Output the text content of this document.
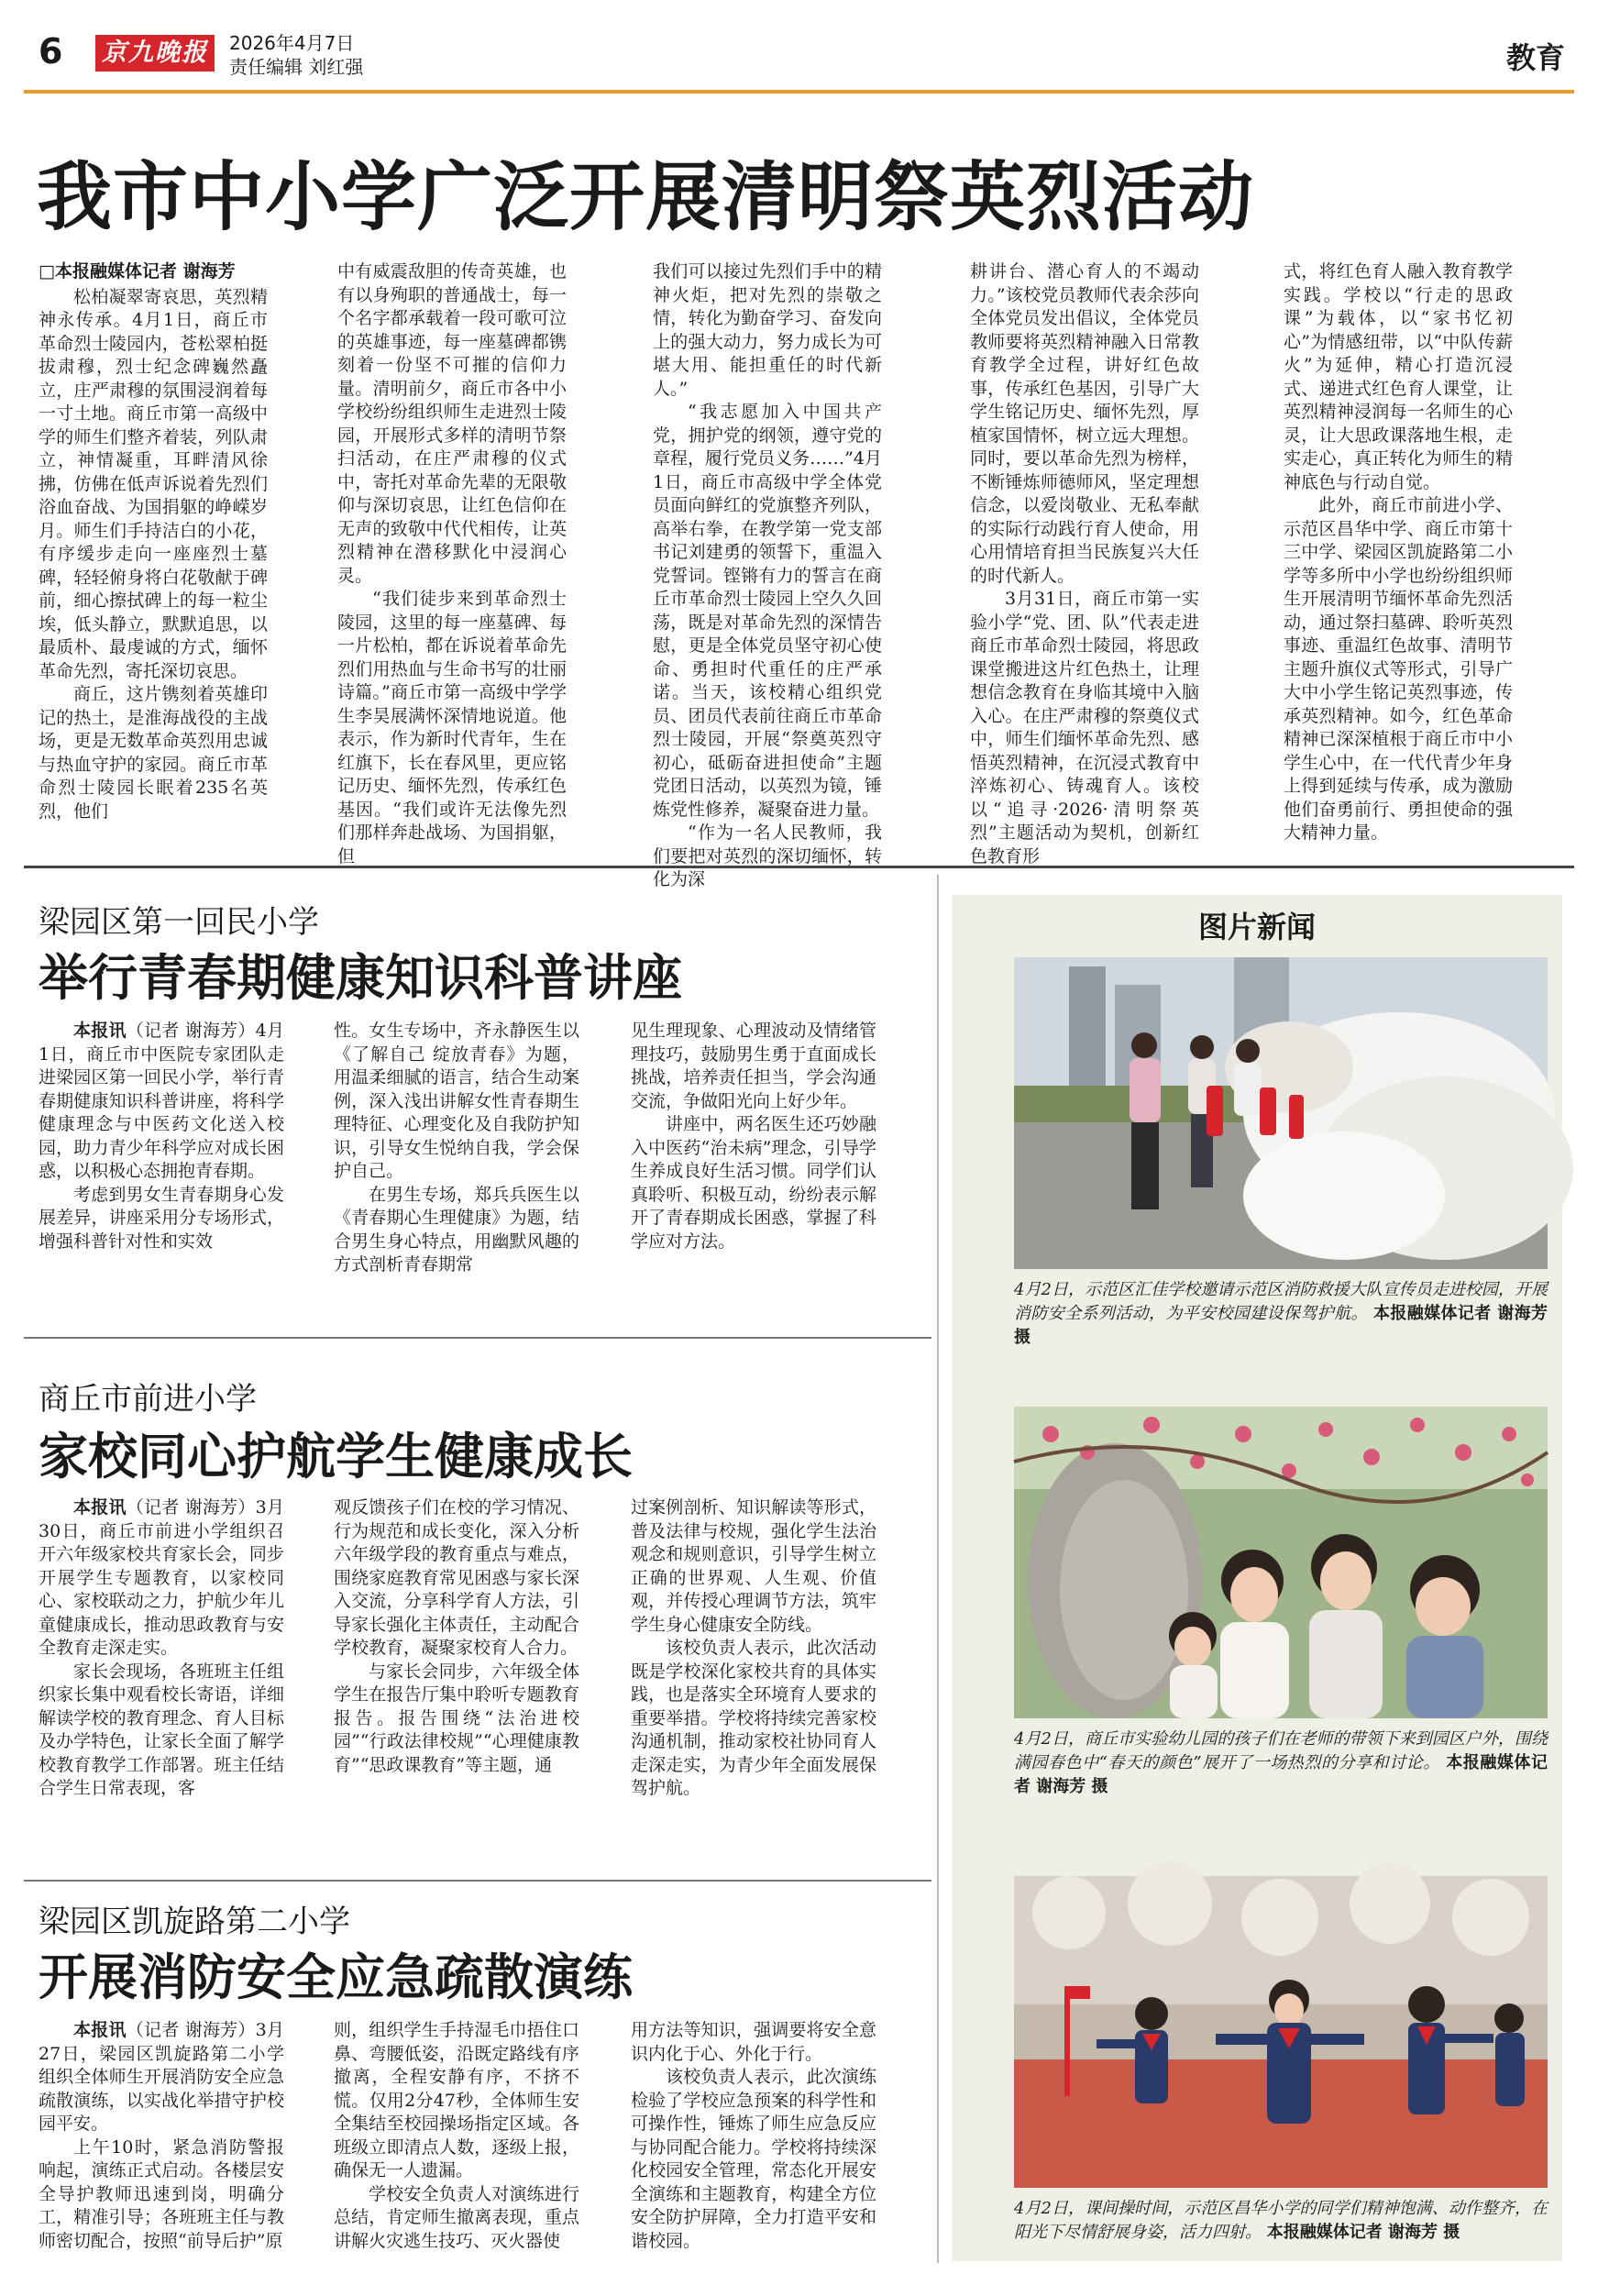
6 京九晚报	2026年4月7日
责任编辑 刘红强	教育
我市中小学广泛开展清明祭英烈活动
□本报融媒体记者 谢海芳

松柏凝翠寄哀思，英烈精神永传承。4月1日，商丘市革命烈士陵园内，苍松翠柏挺拔肃穆，烈士纪念碑巍然矗立，庄严肃穆的氛围浸润着每一寸土地。商丘市第一高级中学的师生们整齐着装，列队肃立，神情凝重，耳畔清风徐拂，仿佛在低声诉说着先烈们浴血奋战、为国捐躯的峥嵘岁月。师生们手持洁白的小花，有序缓步走向一座座烈士墓碑，轻轻俯身将白花敬献于碑前，细心擦拭碑上的每一粒尘埃，低头静立，默默追思，以最质朴、最虔诚的方式，缅怀革命先烈，寄托深切哀思。

商丘，这片镌刻着英雄印记的热土，是淮海战役的主战场，更是无数革命英烈用忠诚与热血守护的家园。商丘市革命烈士陵园长眠着235名英烈，他们

中有威震敌胆的传奇英雄，也有以身殉职的普通战士，每一个名字都承载着一段可歌可泣的英雄事迹，每一座墓碑都镌刻着一份坚不可摧的信仰力量。清明前夕，商丘市各中小学校纷纷组织师生走进烈士陵园，开展形式多样的清明节祭扫活动，在庄严肃穆的仪式中，寄托对革命先辈的无限敬仰与深切哀思，让红色信仰在无声的致敬中代代相传，让英烈精神在潜移默化中浸润心灵。

“我们徒步来到革命烈士陵园，这里的每一座墓碑、每一片松柏，都在诉说着革命先烈们用热血与生命书写的壮丽诗篇。”商丘市第一高级中学学生李昊展满怀深情地说道。他表示，作为新时代青年，生在红旗下，长在春风里，更应铭记历史、缅怀先烈，传承红色基因。“我们或许无法像先烈们那样奔赴战场、为国捐躯，但

我们可以接过先烈们手中的精神火炬，把对先烈的崇敬之情，转化为勤奋学习、奋发向上的强大动力，努力成长为可堪大用、能担重任的时代新人。”

“我志愿加入中国共产党，拥护党的纲领，遵守党的章程，履行党员义务……”4月1日，商丘市高级中学全体党员面向鲜红的党旗整齐列队，高举右拳，在教学第一党支部书记刘建勇的领誓下，重温入党誓词。铿锵有力的誓言在商丘市革命烈士陵园上空久久回荡，既是对革命先烈的深情告慰，更是全体党员坚守初心使命、勇担时代重任的庄严承诺。当天，该校精心组织党员、团员代表前往商丘市革命烈士陵园，开展“祭奠英烈守初心，砥砺奋进担使命”主题党团日活动，以英烈为镜，锤炼党性修养，凝聚奋进力量。

“作为一名人民教师，我们要把对英烈的深切缅怀，转化为深

耕讲台、潜心育人的不竭动力。”该校党员教师代表余莎向全体党员发出倡议，全体党员教师要将英烈精神融入日常教育教学全过程，讲好红色故事，传承红色基因，引导广大学生铭记历史、缅怀先烈，厚植家国情怀，树立远大理想。同时，要以革命先烈为榜样，不断锤炼师德师风，坚定理想信念，以爱岗敬业、无私奉献的实际行动践行育人使命，用心用情培育担当民族复兴大任的时代新人。

3月31日，商丘市第一实验小学“党、团、队”代表走进商丘市革命烈士陵园，将思政课堂搬进这片红色热土，让理想信念教育在身临其境中入脑入心。在庄严肃穆的祭奠仪式中，师生们缅怀革命先烈、感悟英烈精神，在沉浸式教育中淬炼初心、铸魂育人。该校以“追寻·2026·清明祭英烈”主题活动为契机，创新红色教育形

式，将红色育人融入教育教学实践。学校以“行走的思政课”为载体，以“家书忆初心”为情感纽带，以“中队传薪火”为延伸，精心打造沉浸式、递进式红色育人课堂，让英烈精神浸润每一名师生的心灵，让大思政课落地生根，走实走心，真正转化为师生的精神底色与行动自觉。

此外，商丘市前进小学、示范区昌华中学、商丘市第十三中学、梁园区凯旋路第二小学等多所中小学也纷纷组织师生开展清明节缅怀革命先烈活动，通过祭扫墓碑、聆听英烈事迹、重温红色故事、清明节主题升旗仪式等形式，引导广大中小学生铭记英烈事迹，传承英烈精神。如今，红色革命精神已深深植根于商丘市中小学生心中，在一代代青少年身上得到延续与传承，成为激励他们奋勇前行、勇担使命的强大精神力量。

梁园区第一回民小学
举行青春期健康知识科普讲座

本报讯（记者 谢海芳）4月1日，商丘市中医院专家团队走进梁园区第一回民小学，举行青春期健康知识科普讲座，将科学健康理念与中医药文化送入校园，助力青少年科学应对成长困惑，以积极心态拥抱青春期。

考虑到男女生青春期身心发展差异，讲座采用分专场形式，增强科普针对性和实效

性。女生专场中，齐永静医生以《了解自己 绽放青春》为题，用温柔细腻的语言，结合生动案例，深入浅出讲解女性青春期生理特征、心理变化及自我防护知识，引导女生悦纳自我，学会保护自己。

在男生专场，郑兵兵医生以《青春期心生理健康》为题，结合男生身心特点，用幽默风趣的方式剖析青春期常

见生理现象、心理波动及情绪管理技巧，鼓励男生勇于直面成长挑战，培养责任担当，学会沟通交流，争做阳光向上好少年。

讲座中，两名医生还巧妙融入中医药“治未病”理念，引导学生养成良好生活习惯。同学们认真聆听、积极互动，纷纷表示解开了青春期成长困惑，掌握了科学应对方法。

商丘市前进小学
家校同心护航学生健康成长

本报讯（记者 谢海芳）3月30日，商丘市前进小学组织召开六年级家校共育家长会，同步开展学生专题教育，以家校同心、家校联动之力，护航少年儿童健康成长，推动思政教育与安全教育走深走实。

家长会现场，各班班主任组织家长集中观看校长寄语，详细解读学校的教育理念、育人目标及办学特色，让家长全面了解学校教育教学工作部署。班主任结合学生日常表现，客

观反馈孩子们在校的学习情况、行为规范和成长变化，深入分析六年级学段的教育重点与难点，围绕家庭教育常见困惑与家长深入交流，分享科学育人方法，引导家长强化主体责任，主动配合学校教育，凝聚家校育人合力。

与家长会同步，六年级全体学生在报告厅集中聆听专题教育报告。报告围绕“法治进校园”“行政法律校规”“心理健康教育”“思政课教育”等主题，通

过案例剖析、知识解读等形式，普及法律与校规，强化学生法治观念和规则意识，引导学生树立正确的世界观、人生观、价值观，并传授心理调节方法，筑牢学生身心健康安全防线。

该校负责人表示，此次活动既是学校深化家校共育的具体实践，也是落实全环境育人要求的重要举措。学校将持续完善家校沟通机制，推动家校社协同育人走深走实，为青少年全面发展保驾护航。

梁园区凯旋路第二小学
开展消防安全应急疏散演练

本报讯（记者 谢海芳）3月27日，梁园区凯旋路第二小学组织全体师生开展消防安全应急疏散演练，以实战化举措守护校园平安。

上午10时，紧急消防警报响起，演练正式启动。各楼层安全导护教师迅速到岗，明确分工，精准引导；各班班主任与教师密切配合，按照“前导后护”原

则，组织学生手持湿毛巾捂住口鼻、弯腰低姿，沿既定路线有序撤离，全程安静有序，不挤不慌。仅用2分47秒，全体师生安全集结至校园操场指定区域。各班级立即清点人数，逐级上报，确保无一人遗漏。

学校安全负责人对演练进行总结，肯定师生撤离表现，重点讲解火灾逃生技巧、灭火器使

用方法等知识，强调要将安全意识内化于心、外化于行。

该校负责人表示，此次演练检验了学校应急预案的科学性和可操作性，锤炼了师生应急反应与协同配合能力。学校将持续深化校园安全管理，常态化开展安全演练和主题教育，构建全方位安全防护屏障，全力打造平安和谐校园。

图片新闻
4月2日，示范区汇佳学校邀请示范区消防救援大队宣传员走进校园，开展消防安全系列活动，为平安校园建设保驾护航。 本报融媒体记者 谢海芳 摄
4月2日，商丘市实验幼儿园的孩子们在老师的带领下来到园区户外，围绕满园春色中“春天的颜色”展开了一场热烈的分享和讨论。 本报融媒体记者 谢海芳 摄
4月2日，课间操时间，示范区昌华小学的同学们精神饱满、动作整齐，在阳光下尽情舒展身姿，活力四射。 本报融媒体记者 谢海芳 摄
